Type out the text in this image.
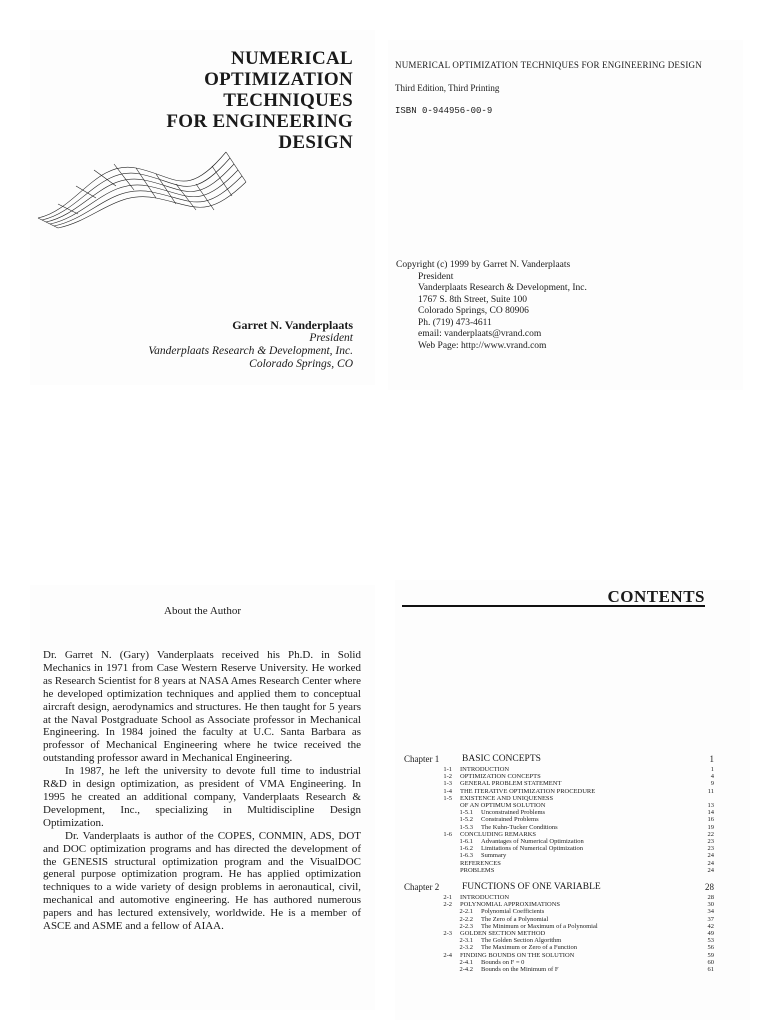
NUMERICAL
OPTIMIZATION
TECHNIQUES
FOR ENGINEERING
DESIGN
Garret N. Vanderplaats
President
Vanderplaats Research & Development, Inc.
Colorado Springs, CO
NUMERICAL OPTIMIZATION TECHNIQUES FOR ENGINEERING DESIGN
Third Edition, Third Printing
ISBN 0-944956-00-9
Copyright (c) 1999 by Garret N. Vanderplaats
President
Vanderplaats Research & Development, Inc.
1767 S. 8th Street, Suite 100
Colorado Springs, CO 80906
Ph. (719) 473-4611
email: vanderplaats@vrand.com
Web Page: http://www.vrand.com
About the Author

Dr. Garret N. (Gary) Vanderplaats received his Ph.D. in Solid Mechanics in 1971 from Case Western Reserve University. He worked as Research Scientist for 8 years at NASA Ames Research Center where he developed optimization techniques and applied them to conceptual aircraft design, aerodynamics and structures. He then taught for 5 years at the Naval Postgraduate School as Associate professor in Mechanical Engineering. In 1984 joined the faculty at U.C. Santa Barbara as professor of Mechanical Engineering where he twice received the outstanding professor award in Mechanical Engineering.

In 1987, he left the university to devote full time to industrial R&D in design optimization, as president of VMA Engineering. In 1995 he created an additional company, Vanderplaats Research & Development, Inc., specializing in Multidiscipline Design Optimization.

Dr. Vanderplaats is author of the COPES, CONMIN, ADS, DOT and DOC optimization programs and has directed the development of the GENESIS structural optimization program and the VisualDOC general purpose optimization program. He has applied optimization techniques to a wide variety of design problems in aeronautical, civil, mechanical and automotive engineering. He has authored numerous papers and has lectured extensively, worldwide. He is a member of ASCE and ASME and a fellow of AIAA.

CONTENTS
Chapter 1	BASIC CONCEPTS	1
1-1	INTRODUCTION	1
1-2	OPTIMIZATION CONCEPTS	4
1-3	GENERAL PROBLEM STATEMENT	9
1-4	THE ITERATIVE OPTIMIZATION PROCEDURE	11
1-5	EXISTENCE AND UNIQUENESS
OF AN OPTIMUM SOLUTION	13
1-5.1	Unconstrained Problems	14
1-5.2	Constrained Problems	16
1-5.3	The Kuhn-Tucker Conditions	19
1-6	CONCLUDING REMARKS	22
1-6.1	Advantages of Numerical Optimization	23
1-6.2	Limitations of Numerical Optimization	23
1-6.3	Summary	24
REFERENCES	24
PROBLEMS	24
Chapter 2	FUNCTIONS OF ONE VARIABLE	28
2-1	INTRODUCTION	28
2-2	POLYNOMIAL APPROXIMATIONS	30
2-2.1	Polynomial Coefficients	34
2-2.2	The Zero of a Polynomial	37
2-2.3	The Minimum or Maximum of a Polynomial	42
2-3	GOLDEN SECTION METHOD	49
2-3.1	The Golden Section Algorithm	53
2-3.2	The Maximum or Zero of a Function	56
2-4	FINDING BOUNDS ON THE SOLUTION	59
2-4.1	Bounds on F = 0	60
2-4.2	Bounds on the Minimum of F	61
